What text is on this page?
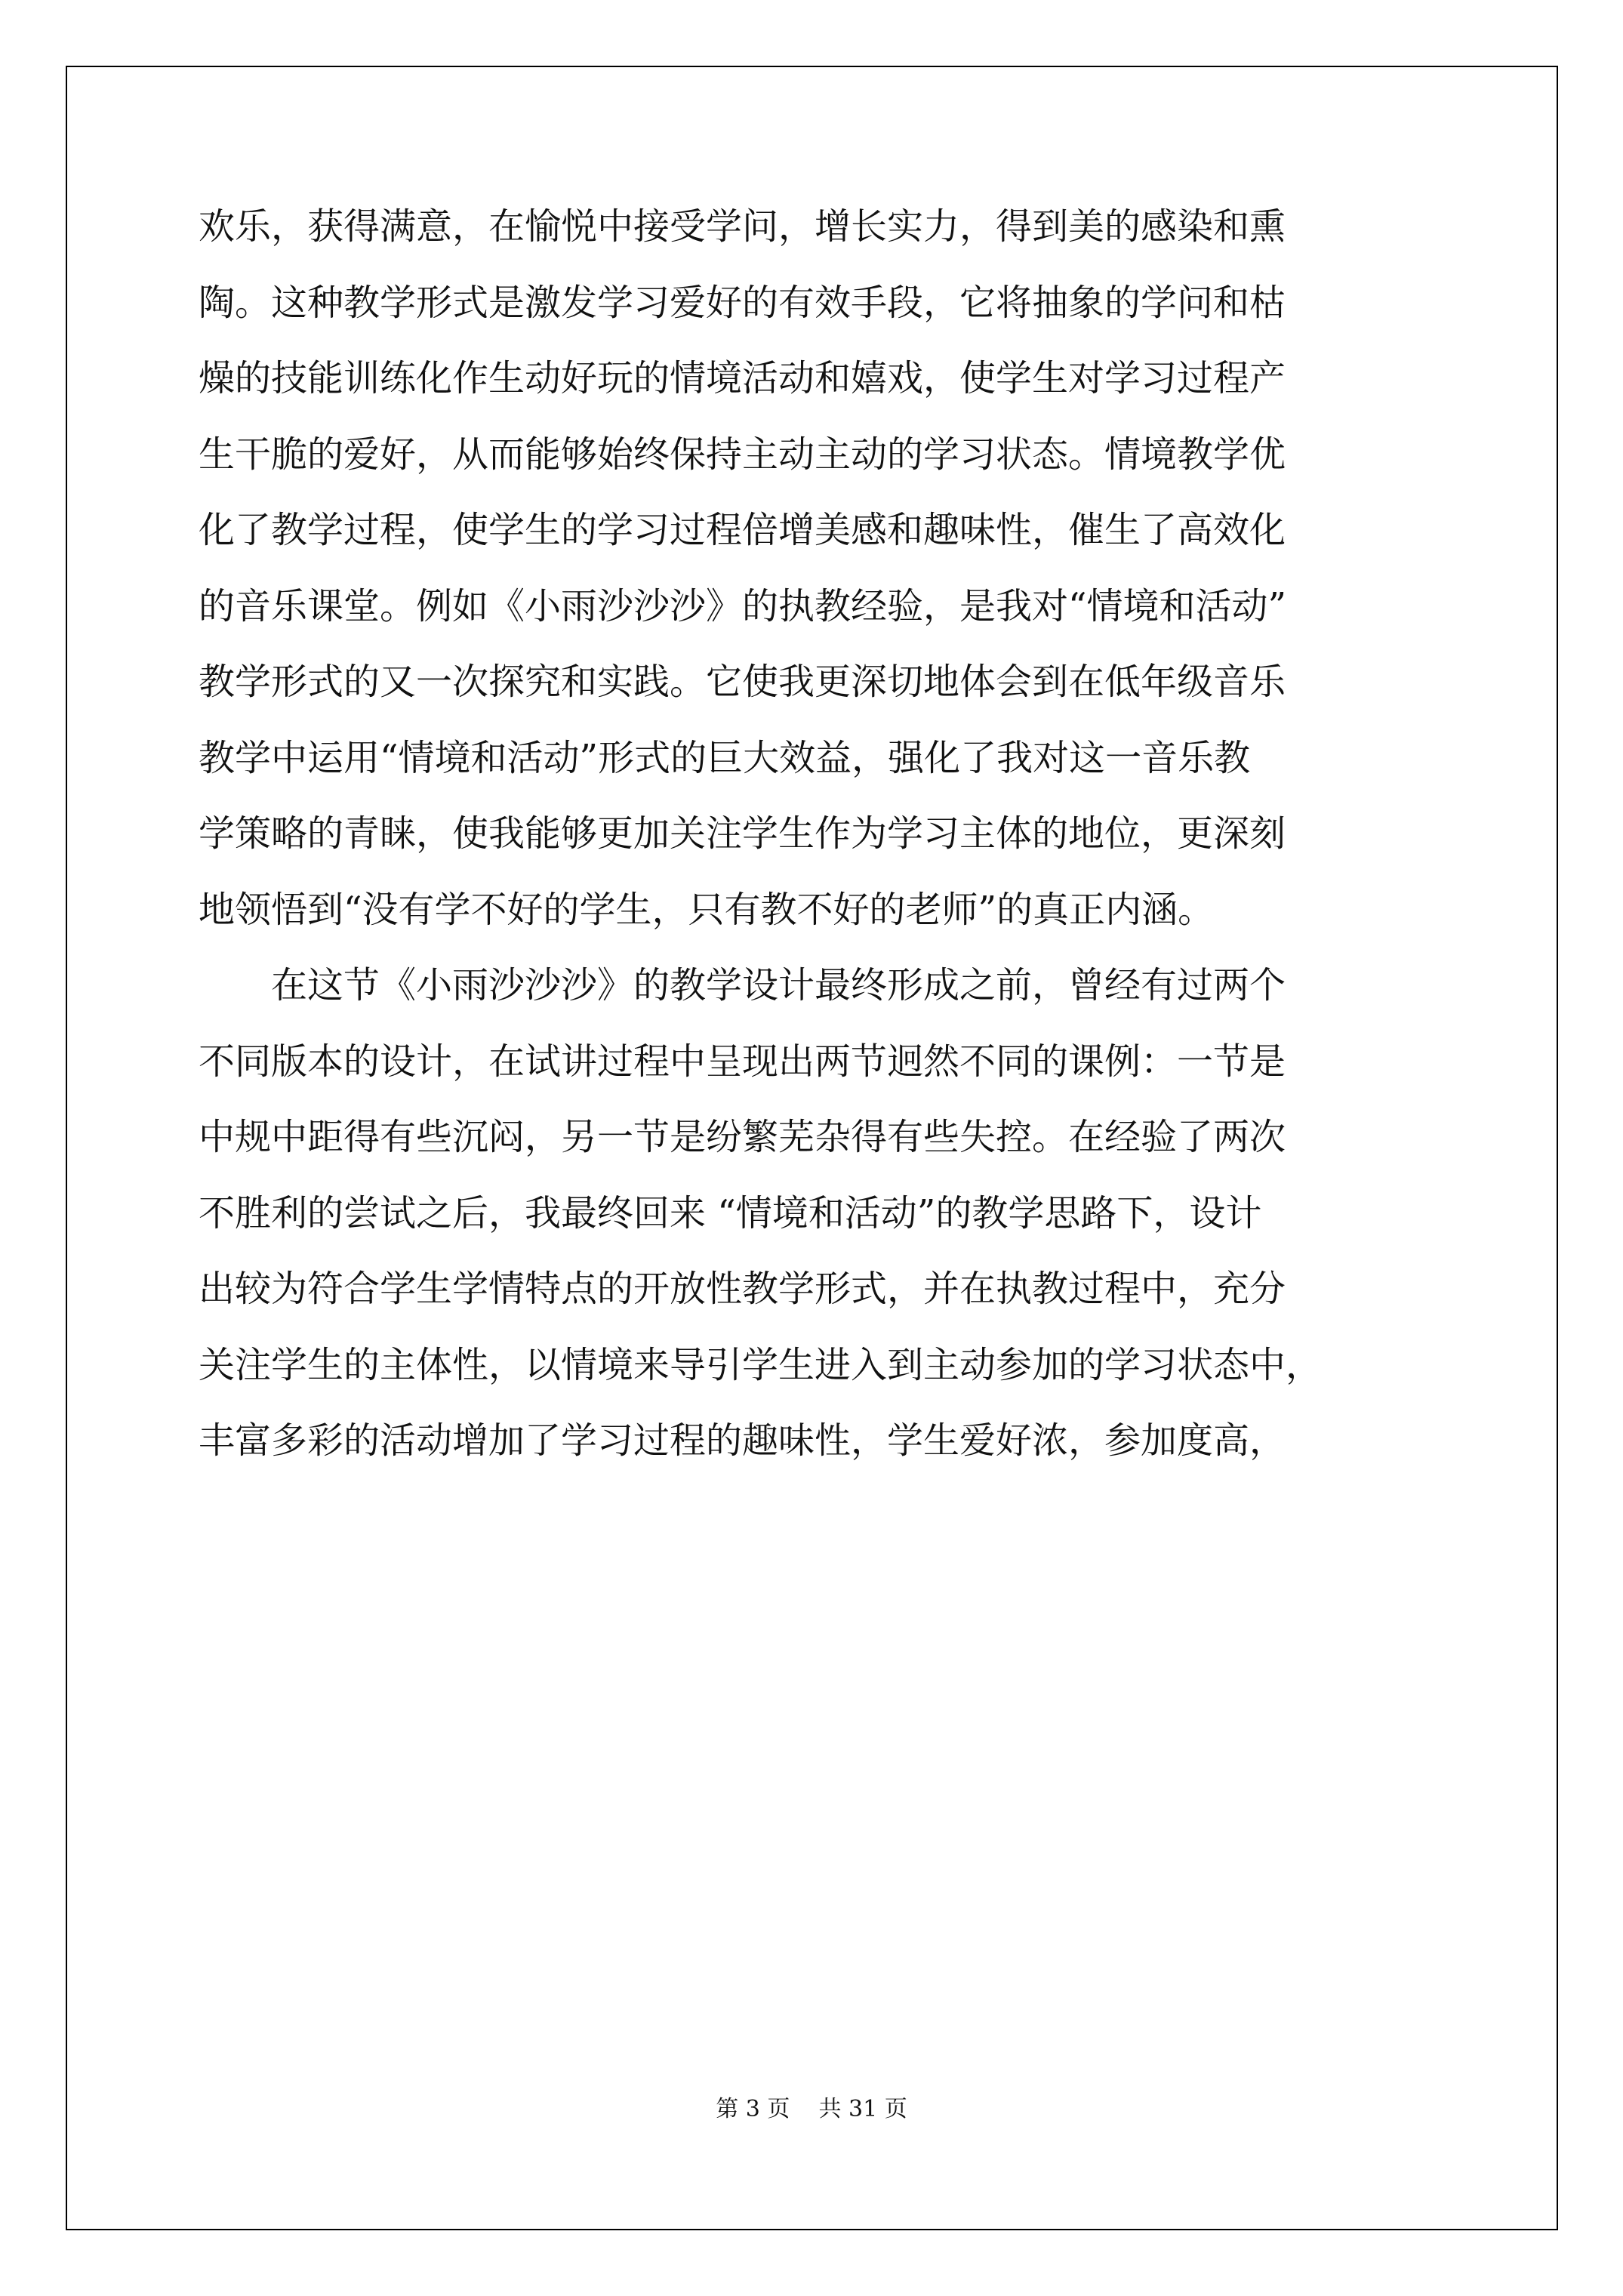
欢乐，获得满意，在愉悦中接受学问，增长实力，得到美的感染和熏
陶。这种教学形式是激发学习爱好的有效手段，它将抽象的学问和枯
燥的技能训练化作生动好玩的情境活动和嬉戏，使学生对学习过程产
生干脆的爱好，从而能够始终保持主动主动的学习状态。情境教学优
化了教学过程，使学生的学习过程倍增美感和趣味性，催生了高效化
的音乐课堂。例如《小雨沙沙沙》的执教经验，是我对“情境和活动”
教学形式的又一次探究和实践。它使我更深切地体会到在低年级音乐
教学中运用“情境和活动”形式的巨大效益，强化了我对这一音乐教
学策略的青睐，使我能够更加关注学生作为学习主体的地位，更深刻
地领悟到“没有学不好的学生，只有教不好的老师”的真正内涵。
在这节《小雨沙沙沙》的教学设计最终形成之前，曾经有过两个
不同版本的设计，在试讲过程中呈现出两节迥然不同的课例：一节是
中规中距得有些沉闷，另一节是纷繁芜杂得有些失控。在经验了两次
不胜利的尝试之后，我最终回来 “情境和活动”的教学思路下，设计
出较为符合学生学情特点的开放性教学形式，并在执教过程中，充分
关注学生的主体性，以情境来导引学生进入到主动参加的学习状态中，
丰富多彩的活动增加了学习过程的趣味性，学生爱好浓，参加度高，
第 3 页    共 31 页
